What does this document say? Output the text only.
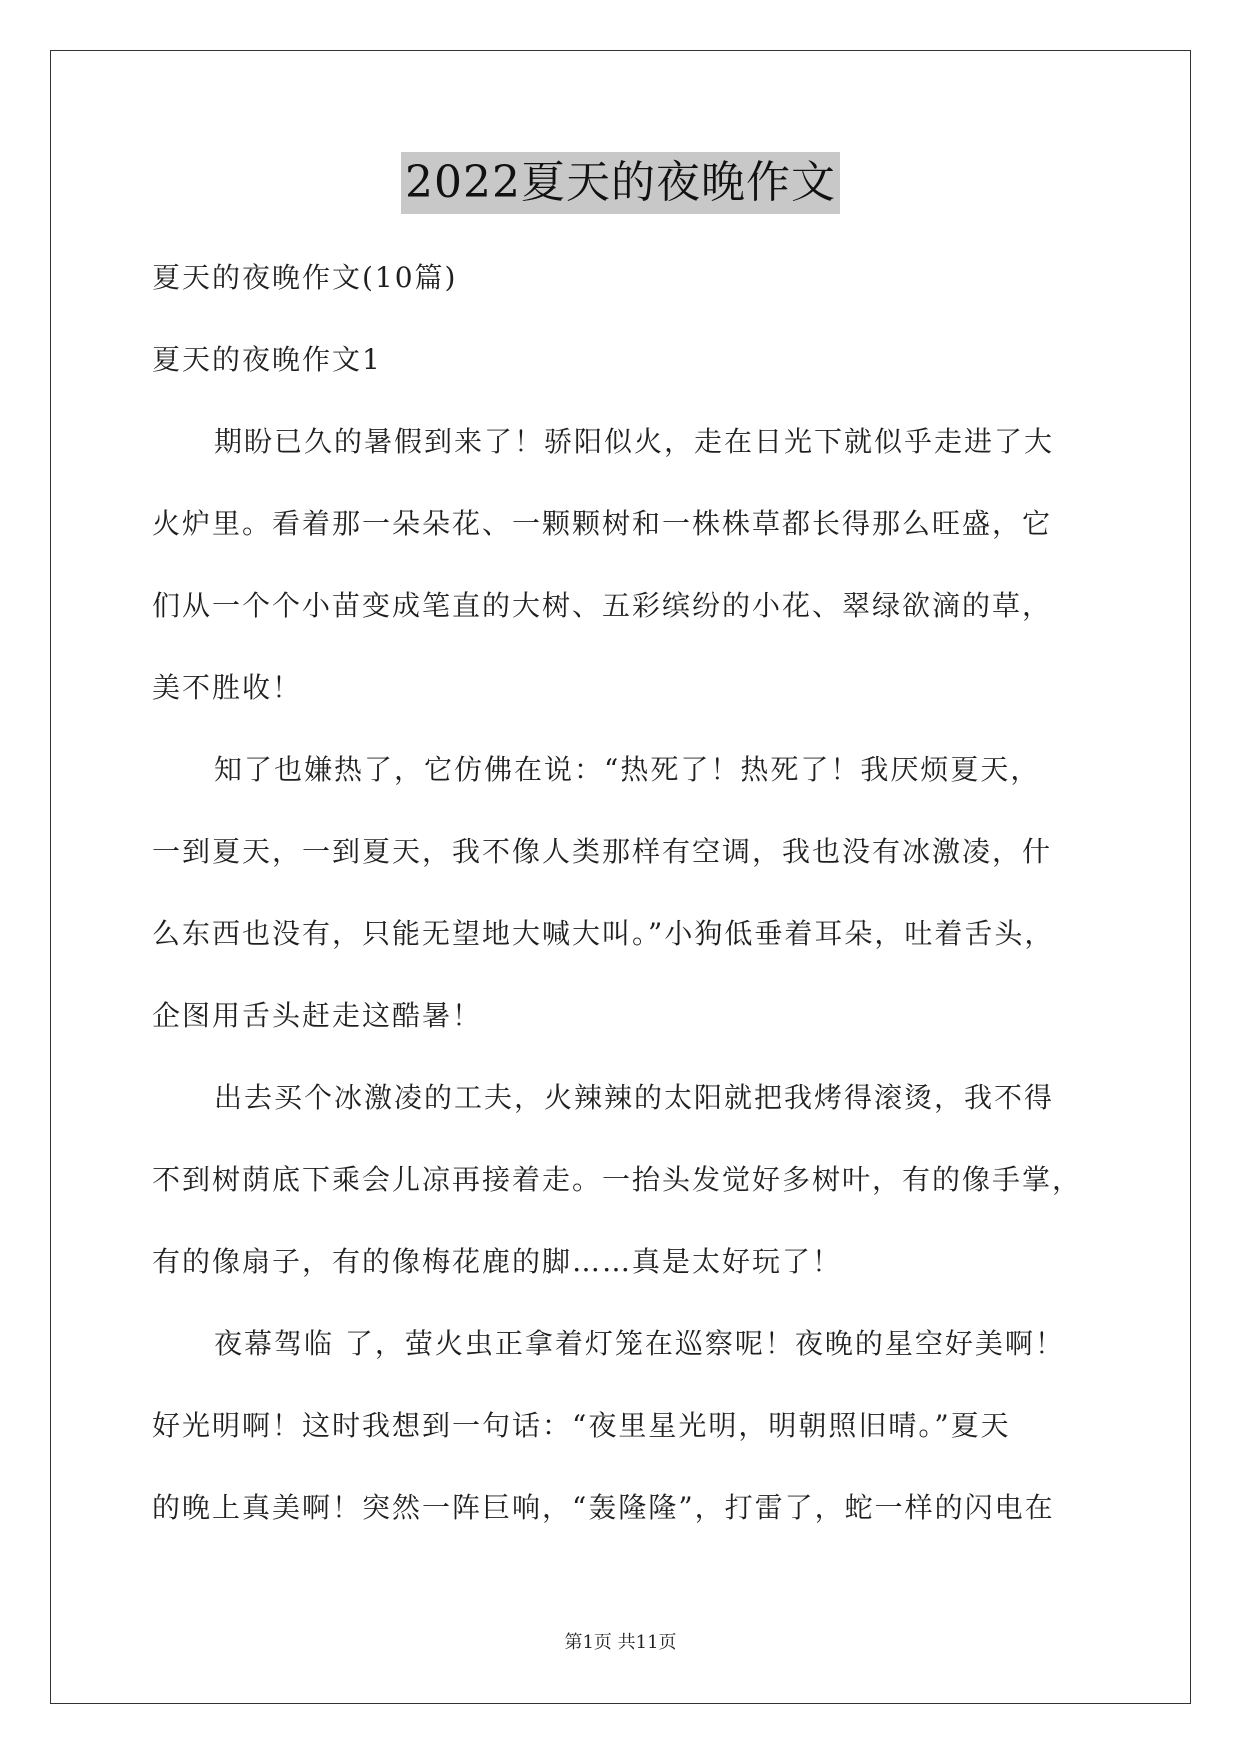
2022夏天的夜晚作文
夏天的夜晚作文(10篇)
夏天的夜晚作文1
期盼已久的暑假到来了！骄阳似火，走在日光下就似乎走进了大
火炉里。看着那一朵朵花、一颗颗树和一株株草都长得那么旺盛，它
们从一个个小苗变成笔直的大树、五彩缤纷的小花、翠绿欲滴的草，
美不胜收！
知了也嫌热了，它仿佛在说：“热死了！热死了！我厌烦夏天，
一到夏天，一到夏天，我不像人类那样有空调，我也没有冰激凌，什
么东西也没有，只能无望地大喊大叫。”小狗低垂着耳朵，吐着舌头，
企图用舌头赶走这酷暑！
出去买个冰激凌的工夫，火辣辣的太阳就把我烤得滚烫，我不得
不到树荫底下乘会儿凉再接着走。一抬头发觉好多树叶，有的像手掌，
有的像扇子，有的像梅花鹿的脚……真是太好玩了！
夜幕驾临 了，萤火虫正拿着灯笼在巡察呢！夜晚的星空好美啊！
好光明啊！这时我想到一句话：“夜里星光明，明朝照旧晴。”夏天
的晚上真美啊！突然一阵巨响，“轰隆隆”，打雷了，蛇一样的闪电在
第1页 共11页
